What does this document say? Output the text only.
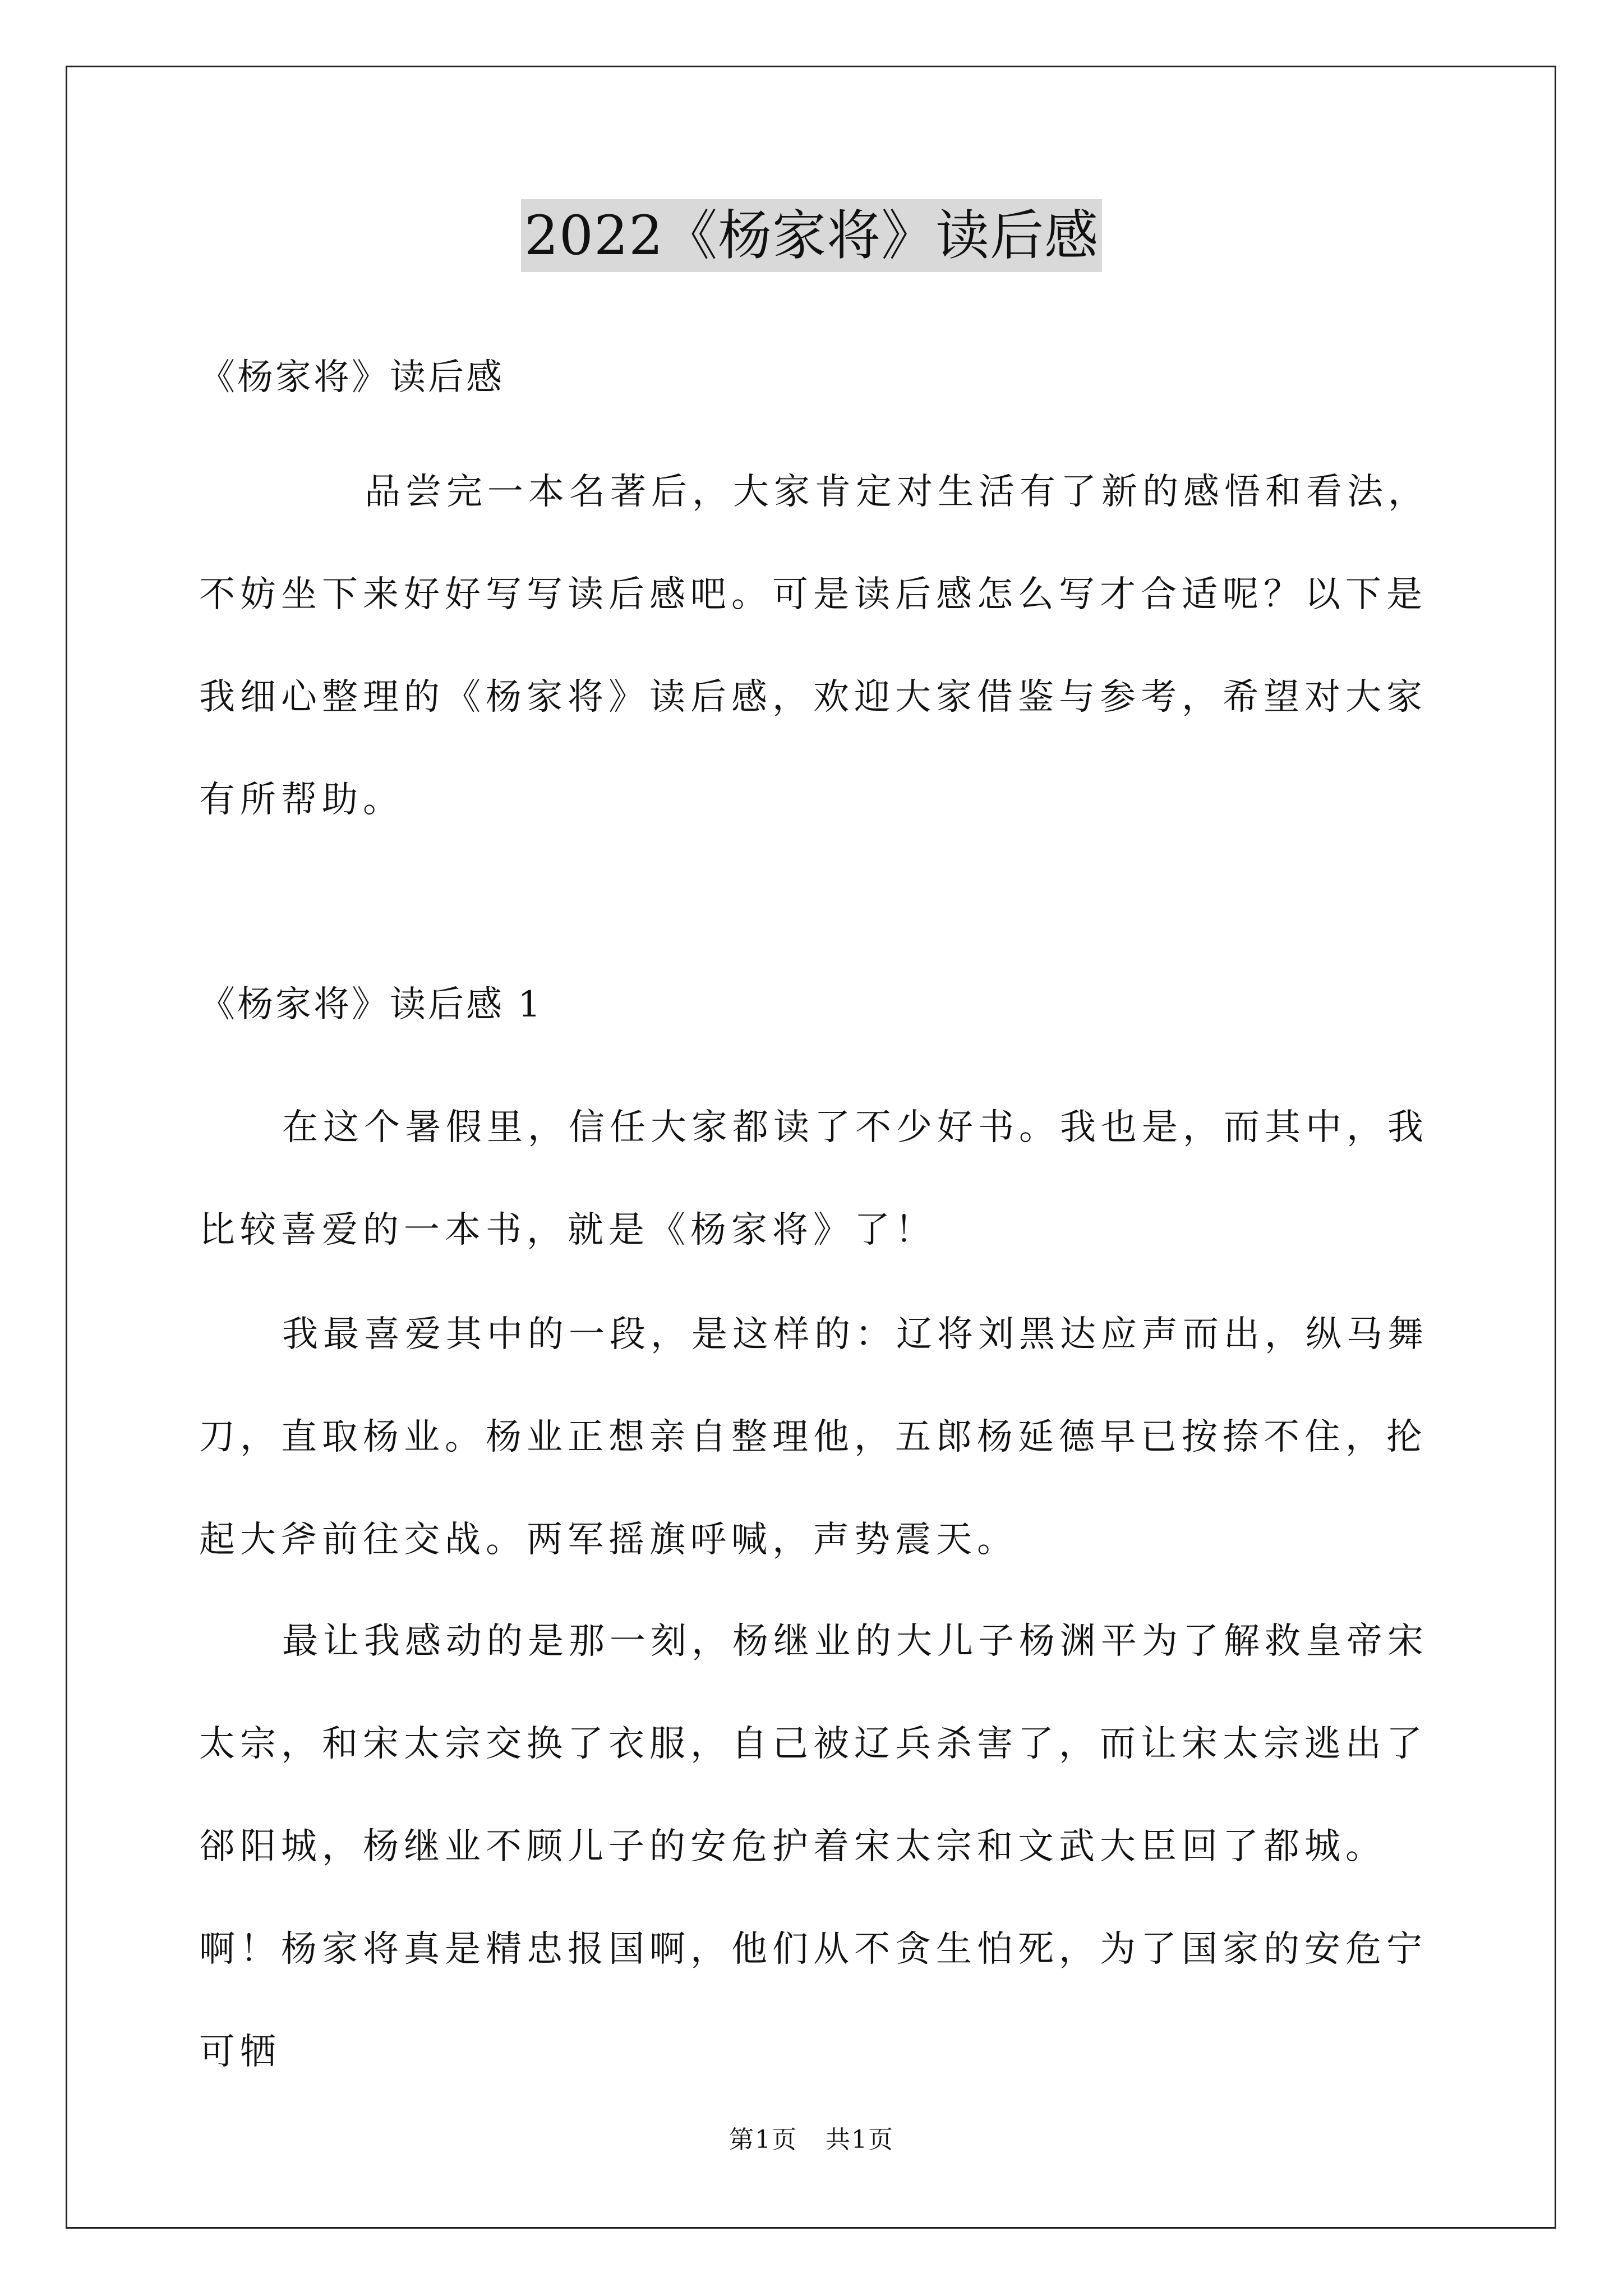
2022《杨家将》读后感

《杨家将》读后感

品尝完一本名著后，大家肯定对生活有了新的感悟和看法，不妨坐下来好好写写读后感吧。可是读后感怎么写才合适呢？以下是我细心整理的《杨家将》读后感，欢迎大家借鉴与参考，希望对大家有所帮助。

《杨家将》读后感 1

在这个暑假里，信任大家都读了不少好书。我也是，而其中，我比较喜爱的一本书，就是《杨家将》了！

我最喜爱其中的一段，是这样的：辽将刘黑达应声而出，纵马舞刀，直取杨业。杨业正想亲自整理他，五郎杨延德早已按捺不住，抡起大斧前往交战。两军摇旗呼喊，声势震天。

最让我感动的是那一刻，杨继业的大儿子杨渊平为了解救皇帝宋太宗，和宋太宗交换了衣服，自己被辽兵杀害了，而让宋太宗逃出了郤阳城，杨继业不顾儿子的安危护着宋太宗和文武大臣回了都城。啊！杨家将真是精忠报国啊，他们从不贪生怕死，为了国家的安危宁可牺

第1页 共1页
